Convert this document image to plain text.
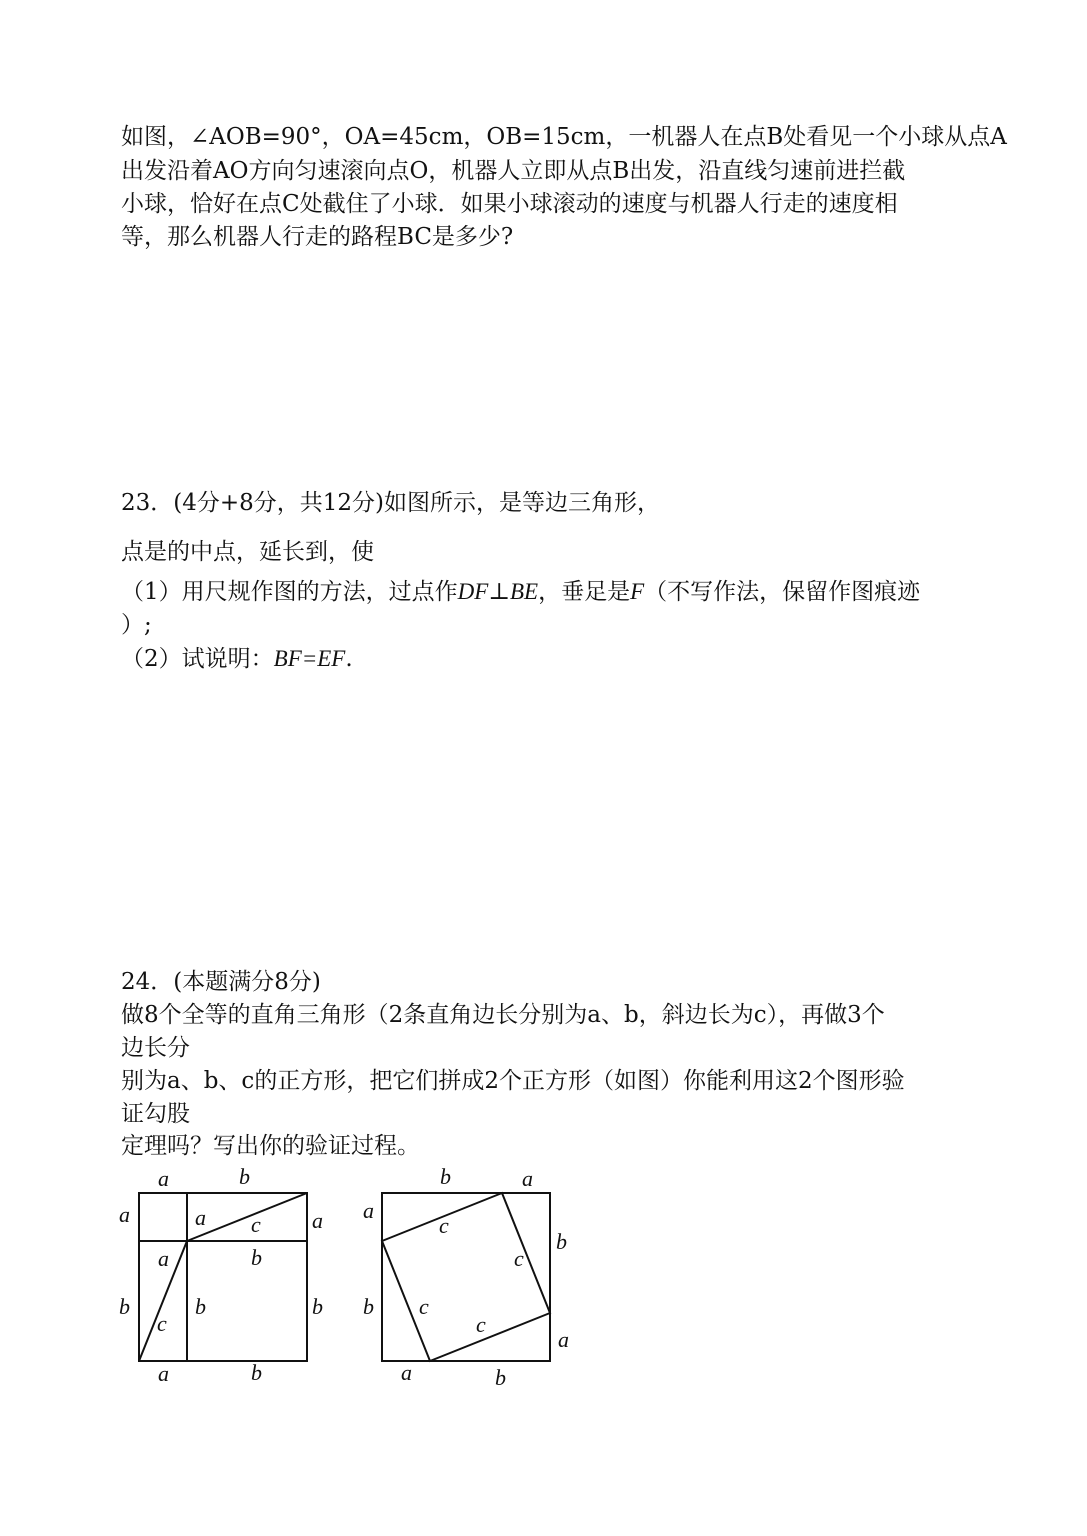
如图，∠AOB=90°，OA=45cm，OB=15cm，一机器人在点B处看见一个小球从点A
出发沿着AO方向匀速滚向点O，机器人立即从点B出发，沿直线匀速前进拦截
小球，恰好在点C处截住了小球．如果小球滚动的速度与机器人行走的速度相
等，那么机器人行走的路程BC是多少?
23．(4分+8分，共12分)如图所示，是等边三角形，
点是的中点，延长到，使
（1）用尺规作图的方法，过点作DF⊥BE，垂足是F（不写作法，保留作图痕迹
）;
（2）试说明：BF=EF.
24．(本题满分8分)
做8个全等的直角三角形（2条直角边长分别为a、b，斜边长为c），再做3个
边长分
别为a、b、c的正方形，把它们拼成2个正方形（如图）你能利用这2个图形验
证勾股
定理吗？写出你的验证过程。
a	b
a
b
a
b
a	b
a c
a	b
b
c
b	a
a
b
b
a
a	b
c
c
c
c
